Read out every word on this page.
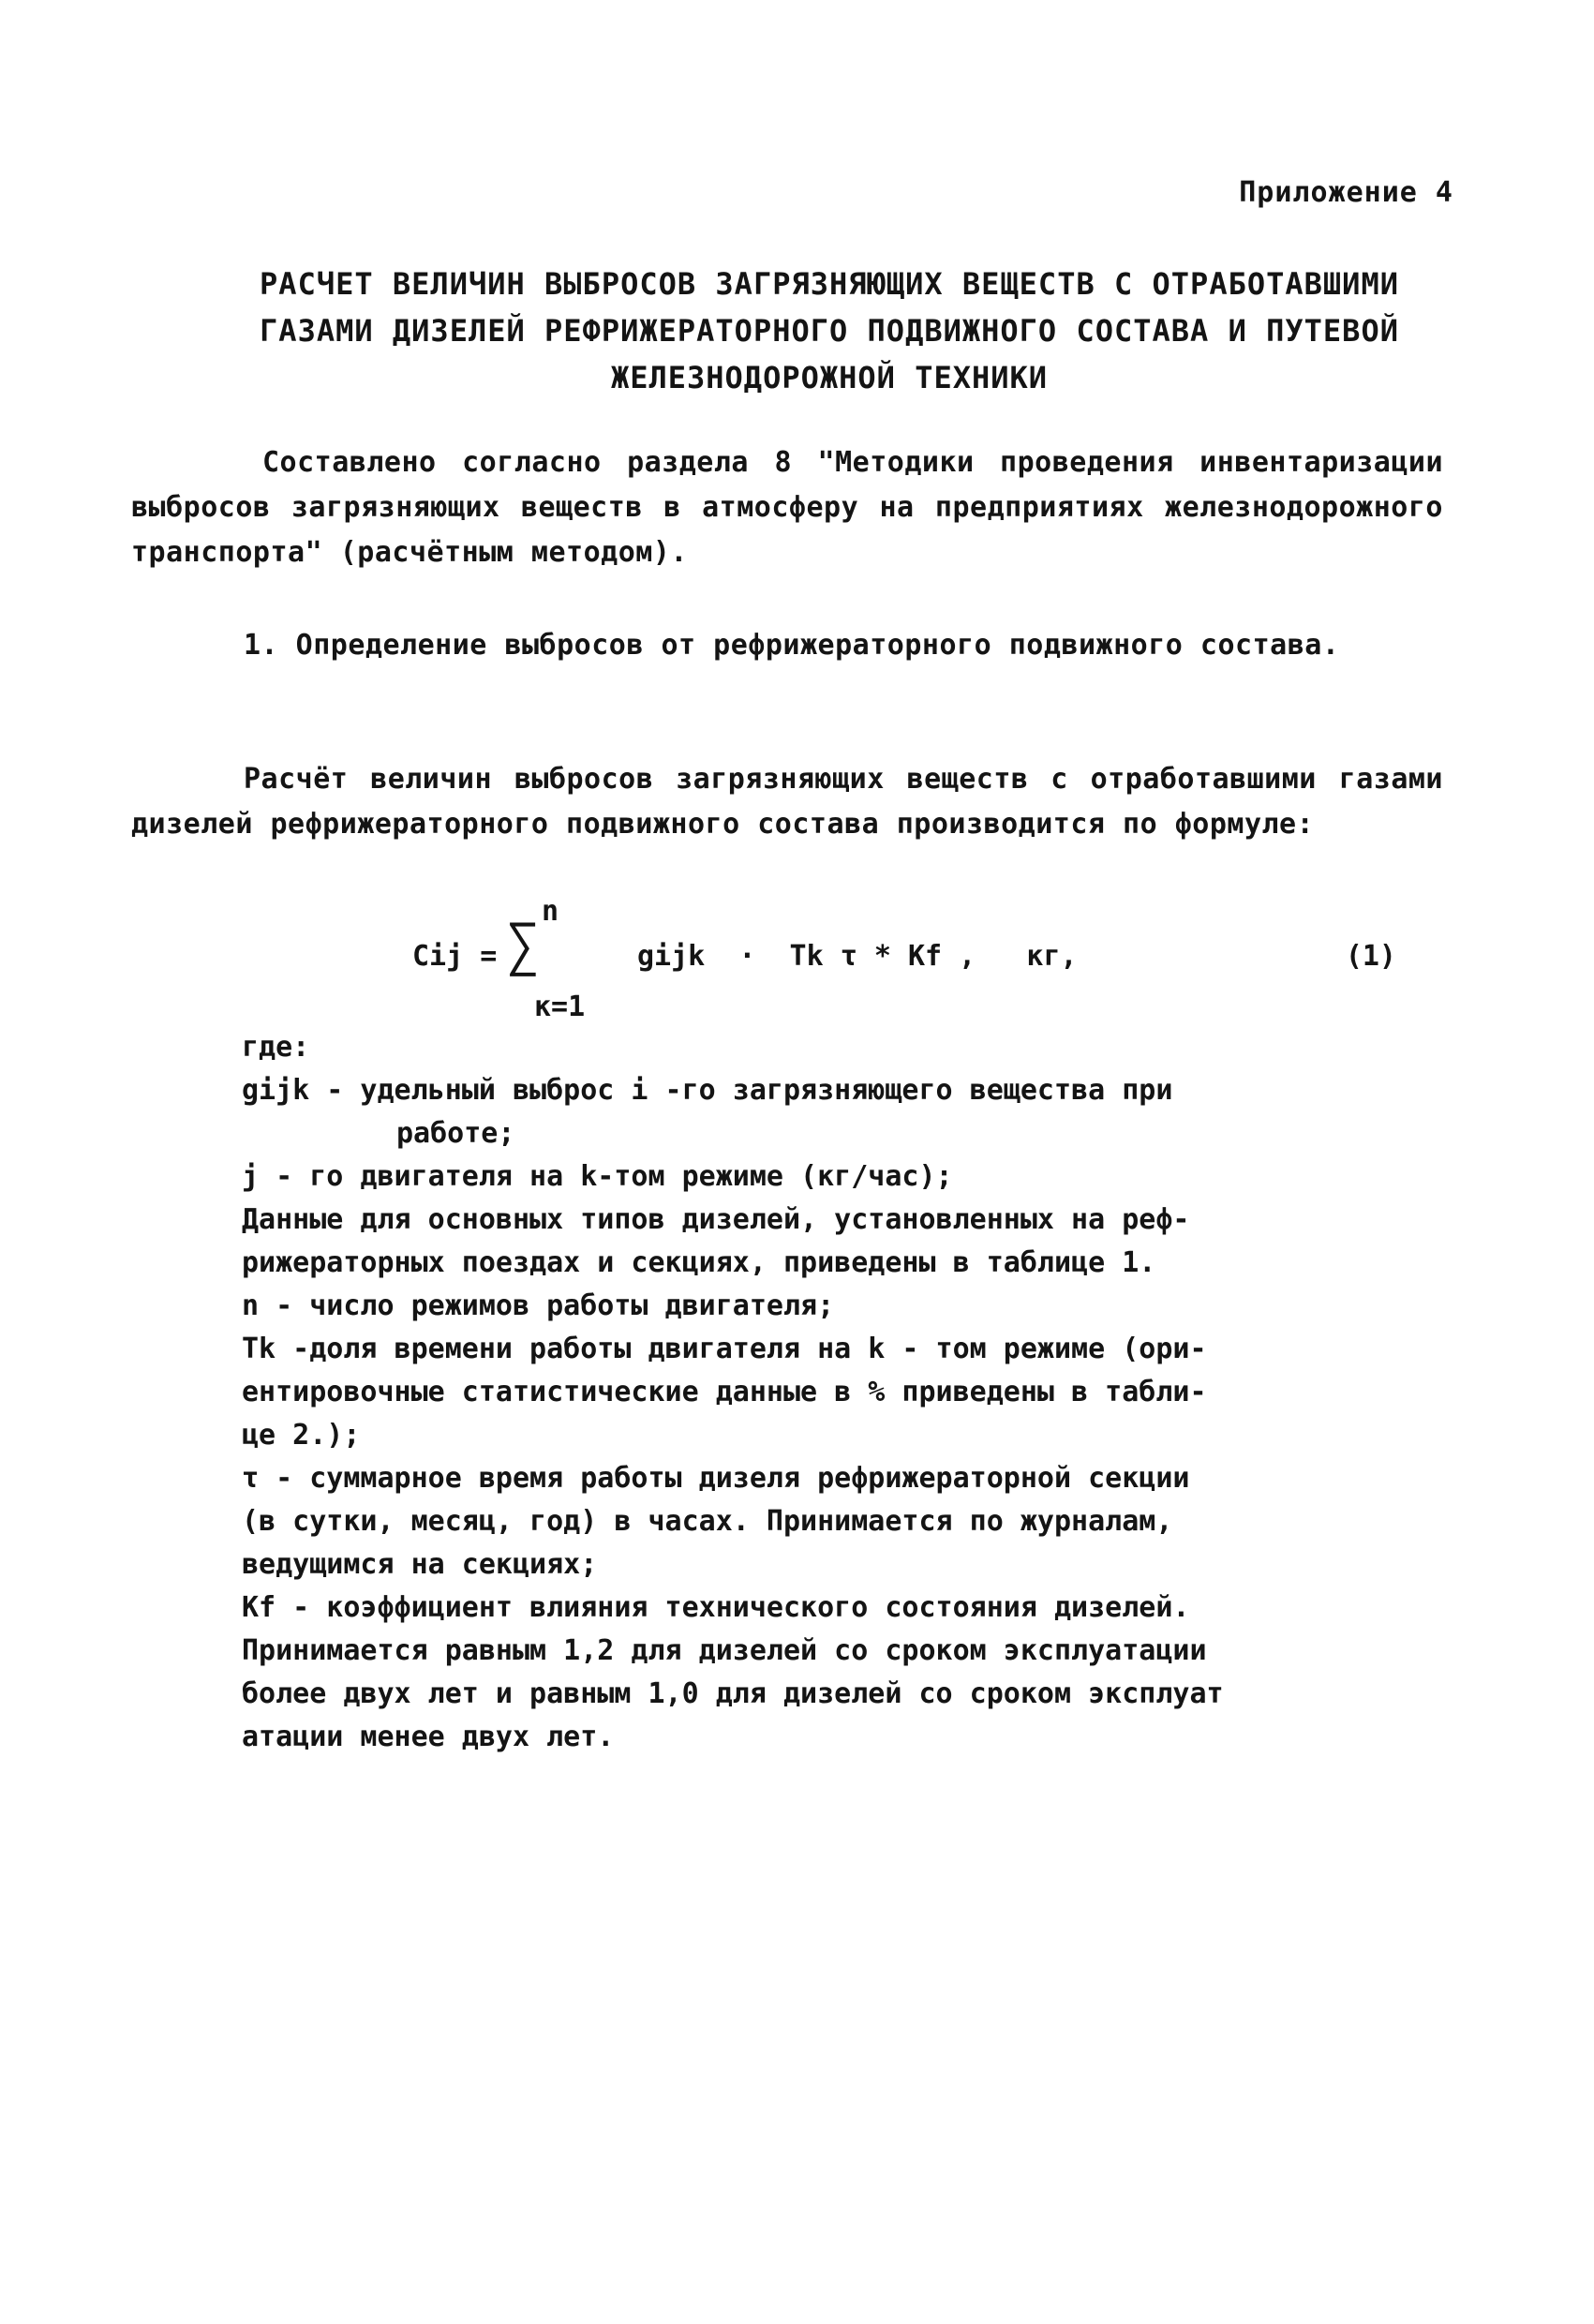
Приложение 4
РАСЧЕТ ВЕЛИЧИН ВЫБРОСОВ ЗАГРЯЗНЯЮЩИХ ВЕЩЕСТВ С ОТРАБОТАВШИМИ
ГАЗАМИ ДИЗЕЛЕЙ РЕФРИЖЕРАТОРНОГО ПОДВИЖНОГО СОСТАВА И ПУТЕВОЙ
ЖЕЛЕЗНОДОРОЖНОЙ ТЕХНИКИ
Составлено согласно раздела 8 "Методики проведения инвентаризации выбросов загрязняющих веществ в атмосферу на предприятиях железнодорожного транспорта" (расчётным методом).
1. Определение выбросов от рефрижераторного подвижного состава.
Расчёт величин выбросов загрязняющих веществ с отработавшими газами дизелей рефрижераторного подвижного состава производится по формуле:
Cij =
n
∑
к=1
gijk  ·  Tk τ * Kf ,   кг,	(1)
где:
gijk - удельный выброс i -го загрязняющего вещества при
работе;
j - го двигателя на k-том режиме (кг/час);
Данные для основных типов дизелей, установленных на реф-
рижераторных поездах и секциях, приведены в таблице 1.
n - число режимов работы двигателя;
Tk -доля времени работы двигателя на k - том режиме (ори-
ентировочные статистические данные в % приведены в табли-
це 2.);
τ - суммарное время работы дизеля рефрижераторной секции
(в сутки, месяц, год) в часах. Принимается по журналам,
ведущимся на секциях;
Kf - коэффициент влияния технического состояния дизелей.
Принимается равным 1,2 для дизелей со сроком эксплуатации
более двух лет и равным 1,0 для дизелей со сроком эксплуат
атации менее двух лет.
